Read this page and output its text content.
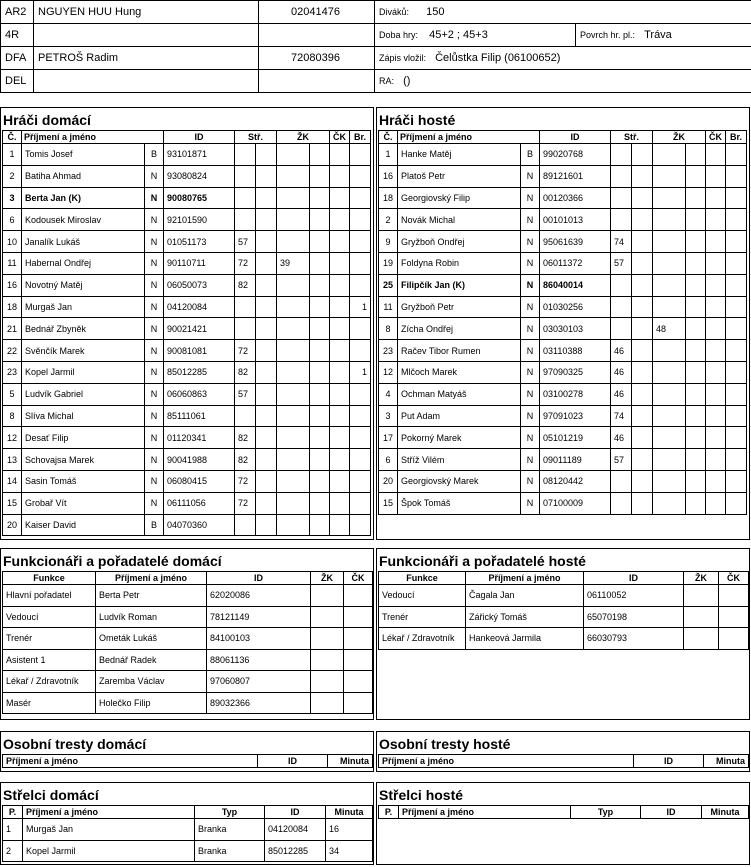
AR2	NGUYEN HUU Hung	02041476	Diváků: 150	
4R			Doba hry: 45+2 ; 45+3	Povrch hr. pl.: Tráva
DFA	PETROŠ Radim	72080396	Zápis vložil: Čelůstka Filip (06100652)	
DEL			RA: ()	
Hráči domácí
Č.	Příjmení a jméno		ID	Stř.		ŽK		ČK	Br.
1	Tomis Josef	B	93101871						
2	Batiha Ahmad	N	93080824						
3	Berta Jan (K)	N	90080765						
6	Kodousek Miroslav	N	92101590						
10	Janalík Lukáš	N	01051173	57					
11	Habernal Ondřej	N	90110711	72		39			
16	Novotný Matěj	N	06050073	82					
18	Murgaš Jan	N	04120084						1
21	Bednář Zbyněk	N	90021421						
22	Svěnčík Marek	N	90081081	72					
23	Kopel Jarmil	N	85012285	82					1
5	Ludvík Gabriel	N	06060863	57					
8	Slíva Michal	N	85111061						
12	Desať Filip	N	01120341	82					
13	Schovajsa Marek	N	90041988	82					
14	Sasin Tomáš	N	06080415	72					
15	Grobař Vít	N	06111056	72					
20	Kaiser David	B	04070360						
Hráči hosté
Č.	Příjmení a jméno		ID	Stř.		ŽK		ČK	Br.
1	Hanke Matěj	B	99020768						
16	Platoš Petr	N	89121601						
18	Georgiovský Filip	N	00120366						
2	Novák Michal	N	00101013						
9	Gryžboň Ondřej	N	95061639	74					
19	Foldyna Robin	N	06011372	57					
25	Filipčík Jan (K)	N	86040014						
11	Gryžboň Petr	N	01030256						
8	Zícha Ondřej	N	03030103			48			
23	Račev Tibor Rumen	N	03110388	46					
12	Mlčoch Marek	N	97090325	46					
4	Ochman Matyáš	N	03100278	46					
3	Put Adam	N	97091023	74					
17	Pokorný Marek	N	05101219	46					
6	Stříž Vilém	N	09011189	57					
20	Georgiovský Marek	N	08120442						
15	Špok Tomáš	N	07100009						
Funkcionáři a pořadatelé domácí
Funkce	Příjmení a jméno	ID	ŽK	ČK
Hlavní pořadatel	Berta Petr	62020086		
Vedoucí	Ludvík Roman	78121149		
Trenér	Ometák Lukáš	84100103		
Asistent 1	Bednář Radek	88061136		
Lékař / Zdravotník	Zaremba Václav	97060807		
Masér	Holečko Filip	89032366		
Funkcionáři a pořadatelé hosté
Funkce	Příjmení a jméno	ID	ŽK	ČK
Vedoucí	Čagala Jan	06110052		
Trenér	Zářický Tomáš	65070198		
Lékař / Zdravotník	Hankeová Jarmila	66030793		
Osobní tresty domácí
Příjmení a jméno	ID	Minuta
Osobní tresty hosté
Příjmení a jméno	ID	Minuta
Střelci domácí
P.	Příjmení a jméno	Typ	ID	Minuta
1	Murgaš Jan	Branka	04120084	16
2	Kopel Jarmil	Branka	85012285	34
Střelci hosté
P.	Příjmení a jméno	Typ	ID	Minuta
